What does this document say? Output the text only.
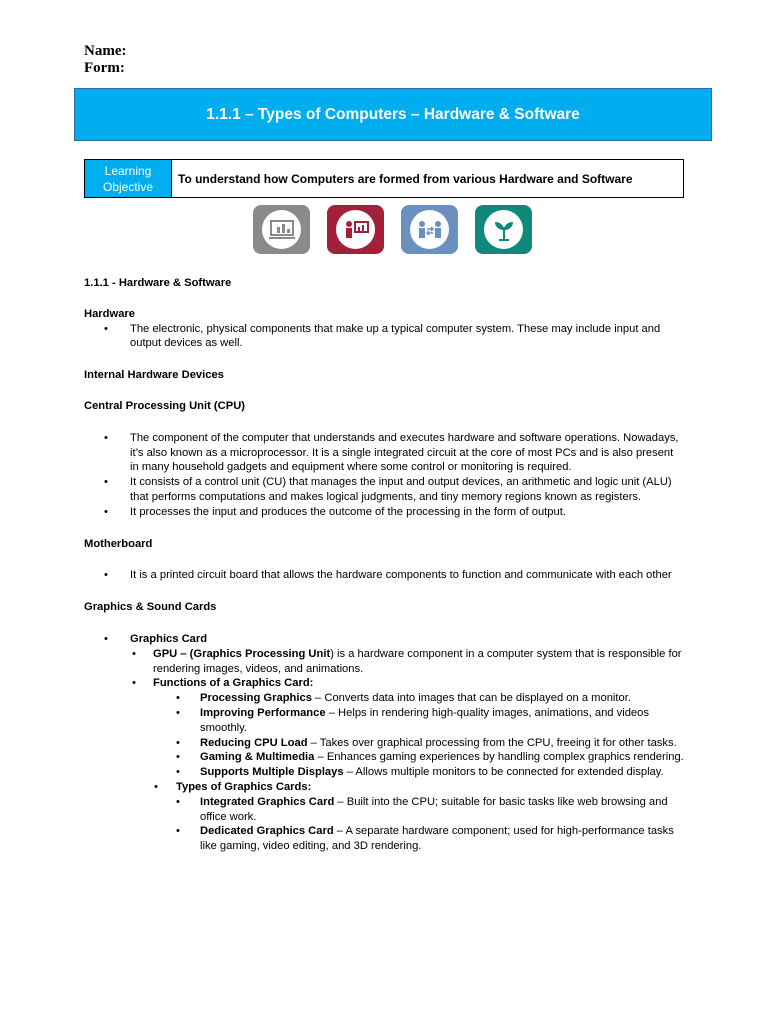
Name:
Form:
1.1.1 – Types of Computers – Hardware & Software
Learning Objective
To understand how Computers are formed from various Hardware and Software

1.1.1 - Hardware & Software

Hardware

• The electronic, physical components that make up a typical computer system. These may include input and output devices as well.

Internal Hardware Devices

Central Processing Unit (CPU)

• The component of the computer that understands and executes hardware and software operations. Nowadays, it’s also known as a microprocessor. It is a single integrated circuit at the core of most PCs and is also present in many household gadgets and equipment where some control or monitoring is required.
• It consists of a control unit (CU) that manages the input and output devices, an arithmetic and logic unit (ALU) that performs computations and makes logical judgments, and tiny memory regions known as registers.
• It processes the input and produces the outcome of the processing in the form of output.

Motherboard

• It is a printed circuit board that allows the hardware components to function and communicate with each other

Graphics & Sound Cards

• Graphics Card
• GPU – (Graphics Processing Unit) is a hardware component in a computer system that is responsible for rendering images, videos, and animations.
• Functions of a Graphics Card:
• Processing Graphics – Converts data into images that can be displayed on a monitor.
• Improving Performance – Helps in rendering high-quality images, animations, and videos smoothly.
• Reducing CPU Load – Takes over graphical processing from the CPU, freeing it for other tasks.
• Gaming & Multimedia – Enhances gaming experiences by handling complex graphics rendering.
• Supports Multiple Displays – Allows multiple monitors to be connected for extended display.
• Types of Graphics Cards:
• Integrated Graphics Card – Built into the CPU; suitable for basic tasks like web browsing and office work.
• Dedicated Graphics Card – A separate hardware component; used for high-performance tasks like gaming, video editing, and 3D rendering.
